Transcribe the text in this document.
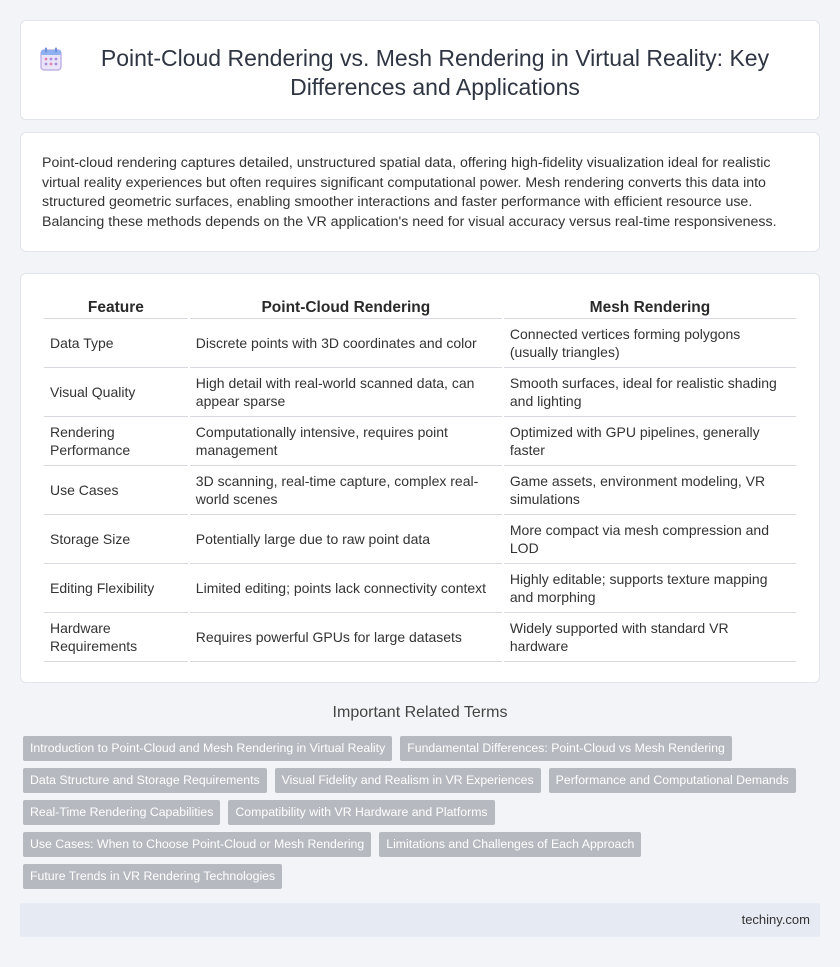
Point-Cloud Rendering vs. Mesh Rendering in Virtual Reality: Key Differences and Applications

Point-cloud rendering captures detailed, unstructured spatial data, offering high-fidelity visualization ideal for realistic virtual reality experiences but often requires significant computational power. Mesh rendering converts this data into structured geometric surfaces, enabling smoother interactions and faster performance with efficient resource use. Balancing these methods depends on the VR application's need for visual accuracy versus real-time responsiveness.

Feature	Point-Cloud Rendering	Mesh Rendering
Data Type	Discrete points with 3D coordinates and color	Connected vertices forming polygons (usually triangles)
Visual Quality	High detail with real-world scanned data, can appear sparse	Smooth surfaces, ideal for realistic shading and lighting
Rendering Performance	Computationally intensive, requires point management	Optimized with GPU pipelines, generally faster
Use Cases	3D scanning, real-time capture, complex real-world scenes	Game assets, environment modeling, VR simulations
Storage Size	Potentially large due to raw point data	More compact via mesh compression and LOD
Editing Flexibility	Limited editing; points lack connectivity context	Highly editable; supports texture mapping and morphing
Hardware Requirements	Requires powerful GPUs for large datasets	Widely supported with standard VR hardware
Important Related Terms
Introduction to Point-Cloud and Mesh Rendering in Virtual Reality	Fundamental Differences: Point-Cloud vs Mesh Rendering
Data Structure and Storage Requirements	Visual Fidelity and Realism in VR Experiences	Performance and Computational Demands
Real-Time Rendering Capabilities	Compatibility with VR Hardware and Platforms
Use Cases: When to Choose Point-Cloud or Mesh Rendering	Limitations and Challenges of Each Approach
Future Trends in VR Rendering Technologies
techiny.com
